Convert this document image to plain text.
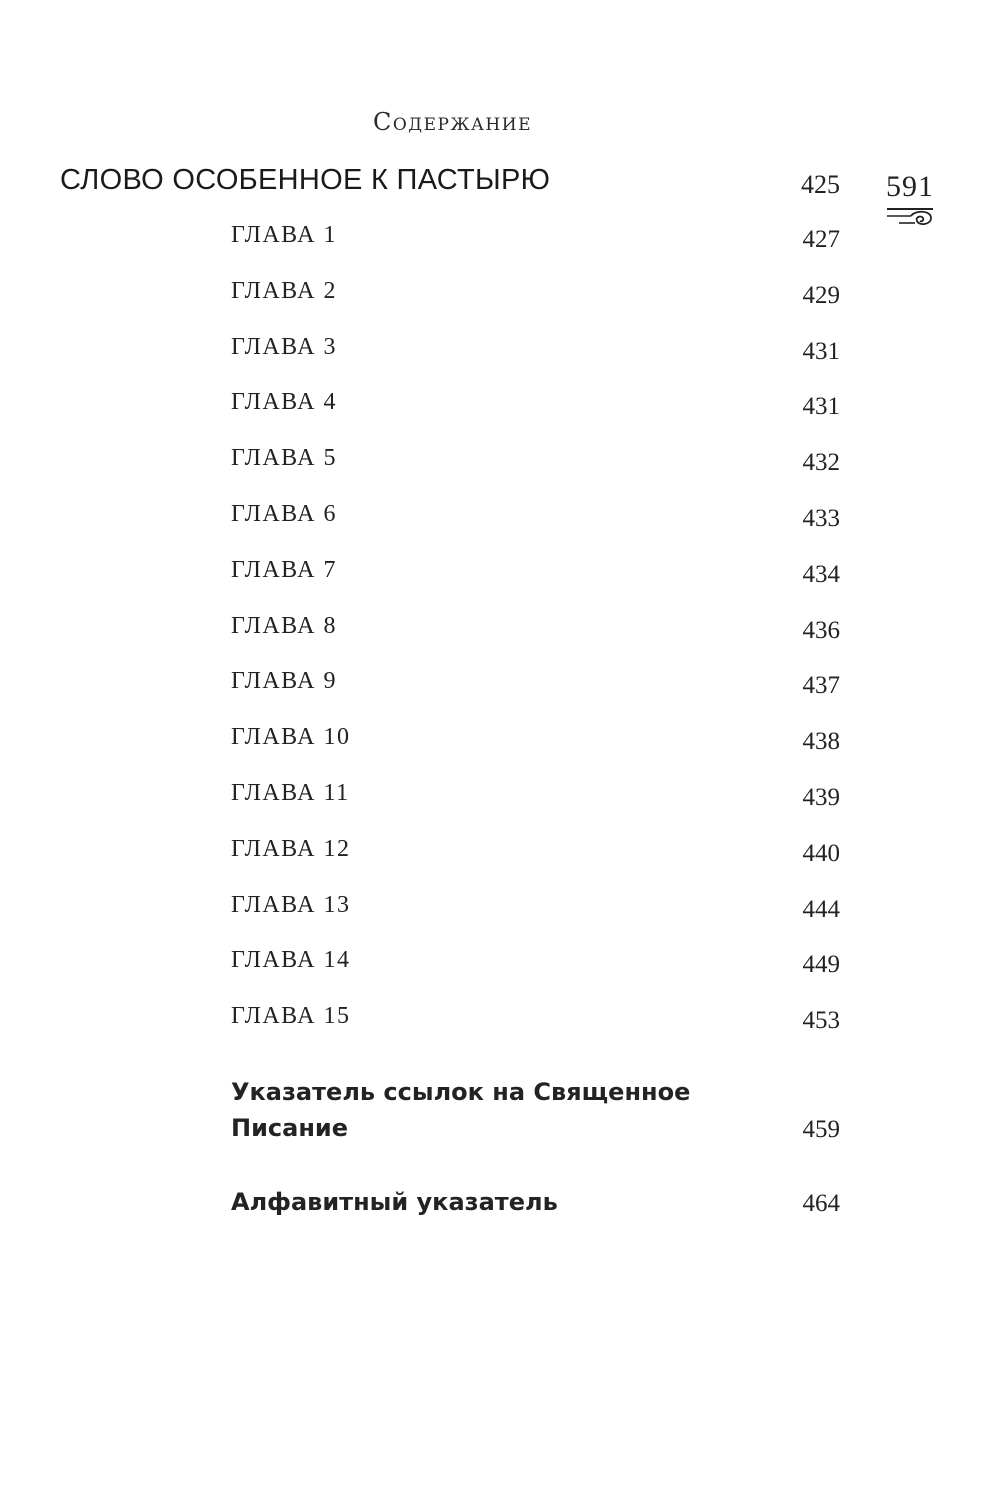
Содержание
591
СЛОВО ОСОБЕННОЕ К ПАСТЫРЮ	425
ГЛАВА 1	427
ГЛАВА 2	429
ГЛАВА 3	431
ГЛАВА 4	431
ГЛАВА 5	432
ГЛАВА 6	433
ГЛАВА 7	434
ГЛАВА 8	436
ГЛАВА 9	437
ГЛАВА 10	438
ГЛАВА 11	439
ГЛАВА 12	440
ГЛАВА 13	444
ГЛАВА 14	449
ГЛАВА 15	453
Указатель ссылок на Священное Писание	459
Алфавитный указатель	464
